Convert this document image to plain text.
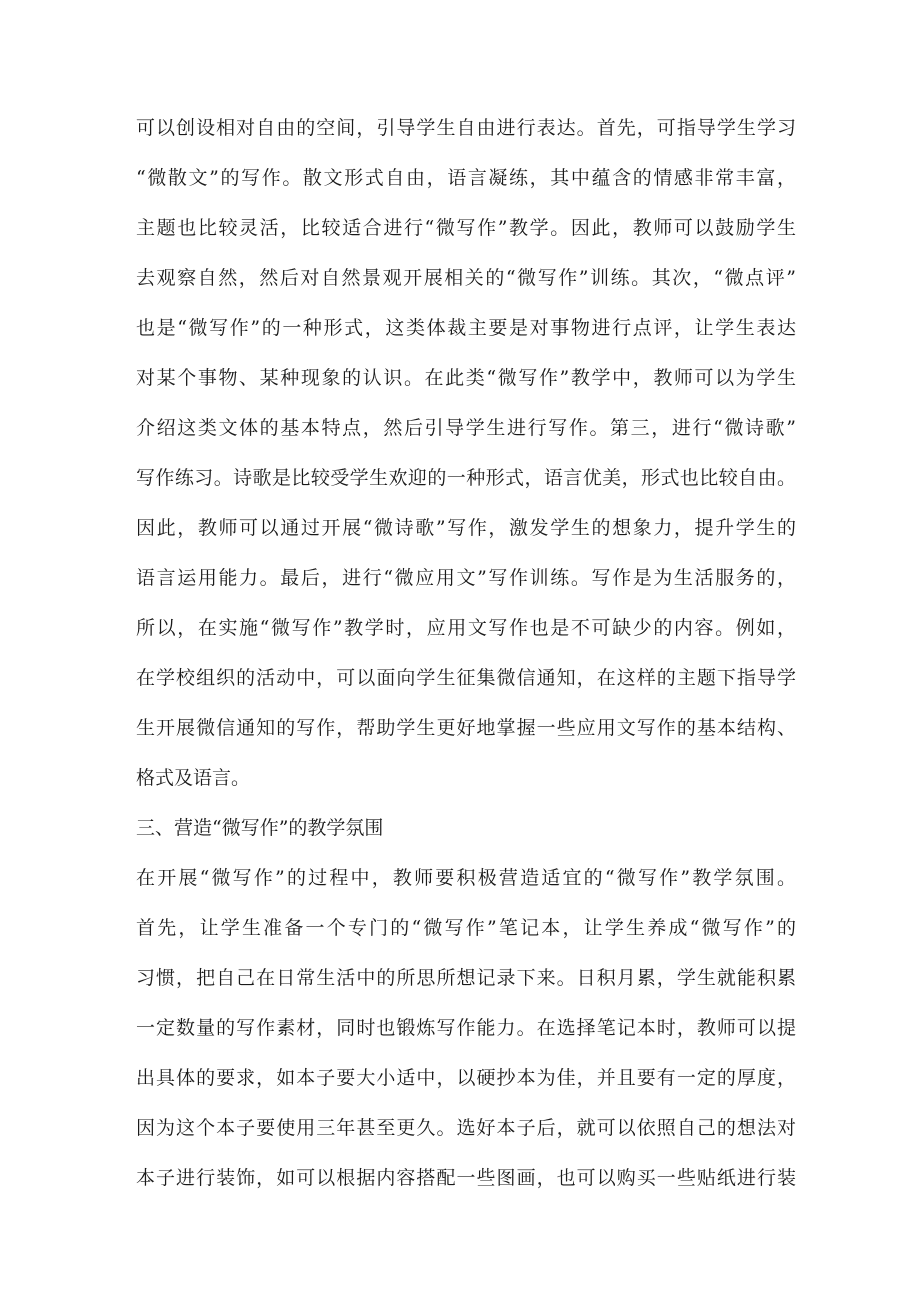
可以创设相对自由的空间，引导学生自由进行表达。首先，可指导学生学习
“微散文”的写作。散文形式自由，语言凝练，其中蕴含的情感非常丰富，
主题也比较灵活，比较适合进行“微写作”教学。因此，教师可以鼓励学生
去观察自然，然后对自然景观开展相关的“微写作”训练。其次，“微点评”
也是“微写作”的一种形式，这类体裁主要是对事物进行点评，让学生表达
对某个事物、某种现象的认识。在此类“微写作”教学中，教师可以为学生
介绍这类文体的基本特点，然后引导学生进行写作。第三，进行“微诗歌”
写作练习。诗歌是比较受学生欢迎的一种形式，语言优美，形式也比较自由。
因此，教师可以通过开展“微诗歌”写作，激发学生的想象力，提升学生的
语言运用能力。最后，进行“微应用文”写作训练。写作是为生活服务的，
所以，在实施“微写作”教学时，应用文写作也是不可缺少的内容。例如，
在学校组织的活动中，可以面向学生征集微信通知，在这样的主题下指导学
生开展微信通知的写作，帮助学生更好地掌握一些应用文写作的基本结构、
格式及语言。
三、营造“微写作”的教学氛围
在开展“微写作”的过程中，教师要积极营造适宜的“微写作”教学氛围。
首先，让学生准备一个专门的“微写作”笔记本，让学生养成“微写作”的
习惯，把自己在日常生活中的所思所想记录下来。日积月累，学生就能积累
一定数量的写作素材，同时也锻炼写作能力。在选择笔记本时，教师可以提
出具体的要求，如本子要大小适中，以硬抄本为佳，并且要有一定的厚度，
因为这个本子要使用三年甚至更久。选好本子后，就可以依照自己的想法对
本子进行装饰，如可以根据内容搭配一些图画，也可以购买一些贴纸进行装
